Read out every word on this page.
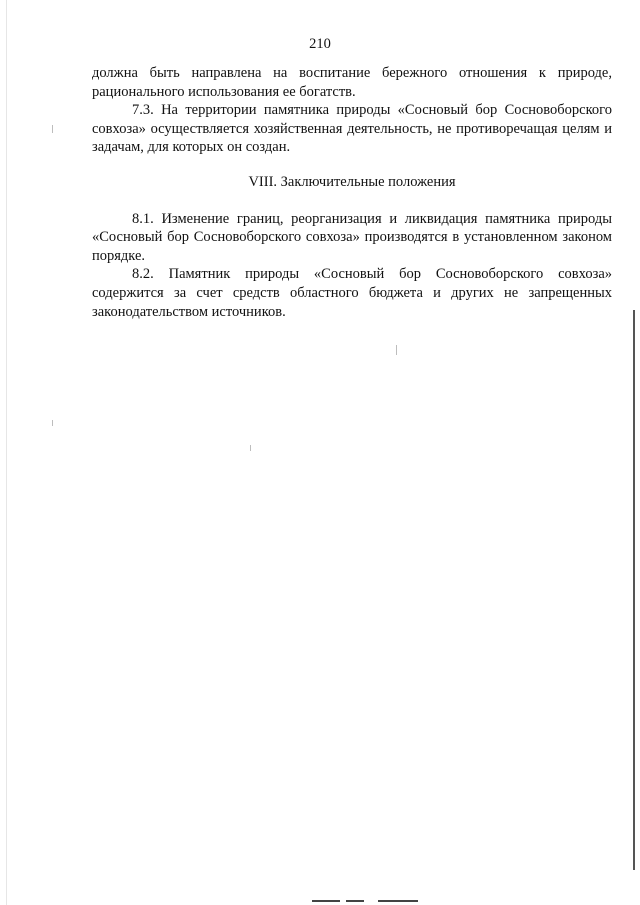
210

должна быть направлена на воспитание бережного отношения к природе, рационального использования ее богатств.

7.3. На территории памятника природы «Сосновый бор Сосновоборского совхоза» осуществляется хозяйственная деятельность, не противоречащая целям и задачам, для которых он создан.

VIII. Заключительные положения

8.1. Изменение границ, реорганизация и ликвидация памятника природы «Сосновый бор Сосновоборского совхоза» производятся в установленном законом порядке.

8.2. Памятник природы «Сосновый бор Сосновоборского совхоза» содержится за счет средств областного бюджета и других не запрещенных законодательством источников.
